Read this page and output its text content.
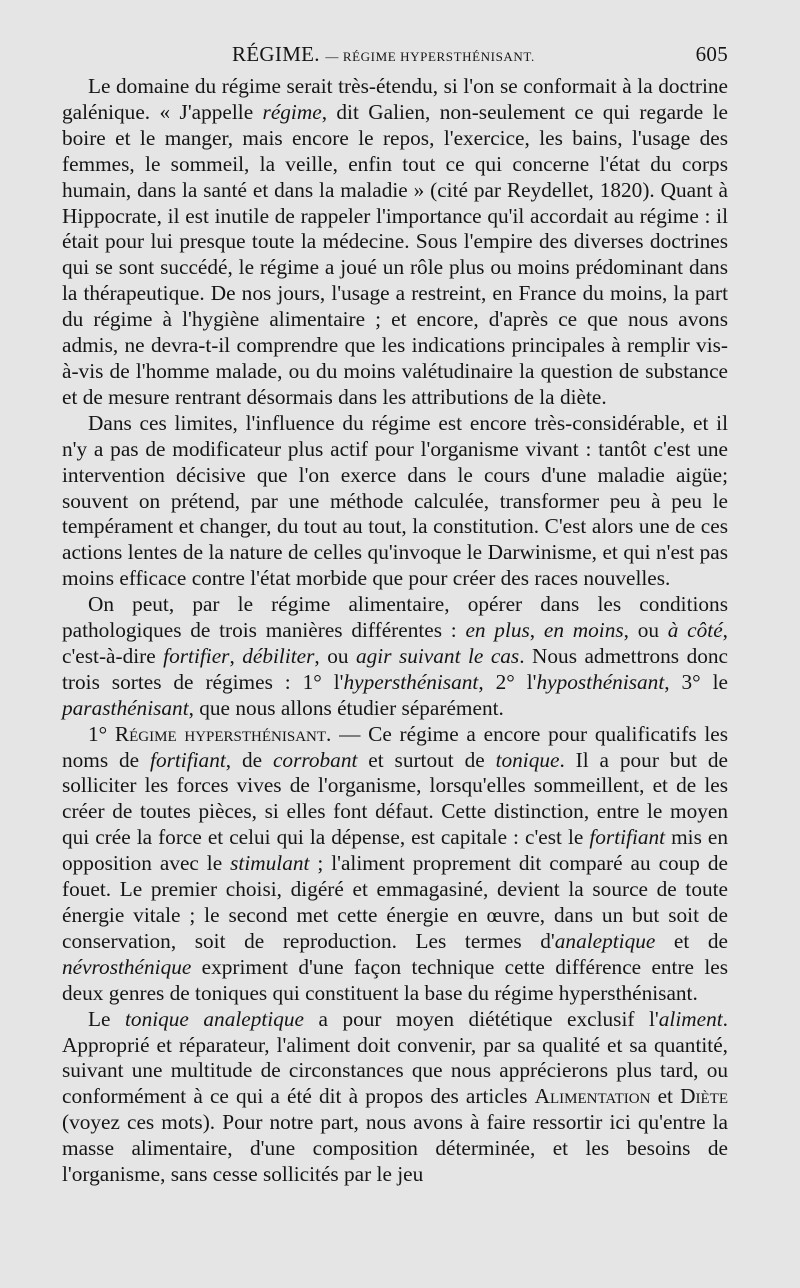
RÉGIME. — RÉGIME HYPERSTHÉNISANT.	605

Le domaine du régime serait très-étendu, si l'on se conformait à la doctrine galénique. « J'appelle régime, dit Galien, non-seulement ce qui regarde le boire et le manger, mais encore le repos, l'exercice, les bains, l'usage des femmes, le sommeil, la veille, enfin tout ce qui concerne l'état du corps humain, dans la santé et dans la maladie » (cité par Reydellet, 1820). Quant à Hippocrate, il est inutile de rappeler l'importance qu'il accordait au régime : il était pour lui presque toute la médecine. Sous l'empire des diverses doctrines qui se sont succédé, le régime a joué un rôle plus ou moins prédominant dans la thérapeutique. De nos jours, l'usage a restreint, en France du moins, la part du régime à l'hygiène alimentaire ; et encore, d'après ce que nous avons admis, ne devra-t-il comprendre que les indications principales à remplir vis-à-vis de l'homme malade, ou du moins valétudinaire la question de substance et de mesure rentrant désormais dans les attributions de la diète.

Dans ces limites, l'influence du régime est encore très-considérable, et il n'y a pas de modificateur plus actif pour l'organisme vivant : tantôt c'est une intervention décisive que l'on exerce dans le cours d'une maladie aigüe; souvent on prétend, par une méthode calculée, transformer peu à peu le tempérament et changer, du tout au tout, la constitution. C'est alors une de ces actions lentes de la nature de celles qu'invoque le Darwinisme, et qui n'est pas moins efficace contre l'état morbide que pour créer des races nouvelles.

On peut, par le régime alimentaire, opérer dans les conditions pathologiques de trois manières différentes : en plus, en moins, ou à côté, c'est-à-dire fortifier, débiliter, ou agir suivant le cas. Nous admettrons donc trois sortes de régimes : 1° l'hypersthénisant, 2° l'hyposthénisant, 3° le parasthénisant, que nous allons étudier séparément.

1° Régime hypersthénisant. — Ce régime a encore pour qualificatifs les noms de fortifiant, de corrobant et surtout de tonique. Il a pour but de solliciter les forces vives de l'organisme, lorsqu'elles sommeillent, et de les créer de toutes pièces, si elles font défaut. Cette distinction, entre le moyen qui crée la force et celui qui la dépense, est capitale : c'est le fortifiant mis en opposition avec le stimulant ; l'aliment proprement dit comparé au coup de fouet. Le premier choisi, digéré et emmagasiné, devient la source de toute énergie vitale ; le second met cette énergie en œuvre, dans un but soit de conservation, soit de reproduction. Les termes d'analeptique et de névrosthénique expriment d'une façon technique cette différence entre les deux genres de toniques qui constituent la base du régime hypersthénisant.

Le tonique analeptique a pour moyen diététique exclusif l'aliment. Approprié et réparateur, l'aliment doit convenir, par sa qualité et sa quantité, suivant une multitude de circonstances que nous apprécierons plus tard, ou conformément à ce qui a été dit à propos des articles Alimentation et Diète (voyez ces mots). Pour notre part, nous avons à faire ressortir ici qu'entre la masse alimentaire, d'une composition déterminée, et les besoins de l'organisme, sans cesse sollicités par le jeu
